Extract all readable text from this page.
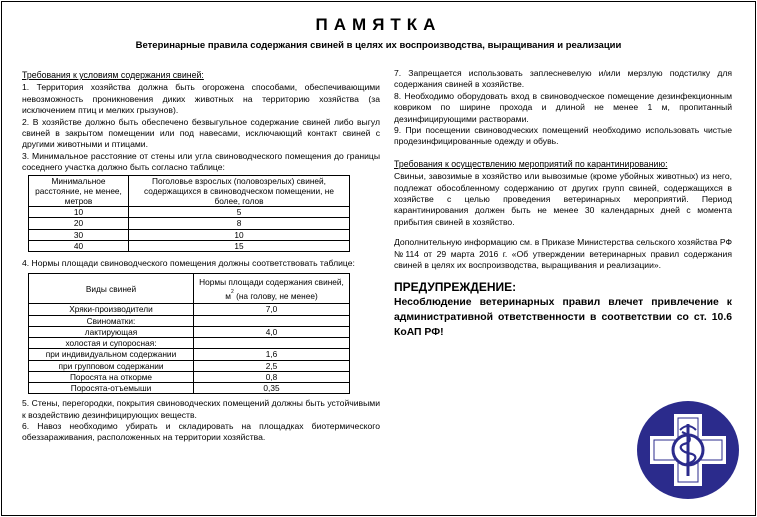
ПАМЯТКА
Ветеринарные правила содержания свиней в целях их воспроизводства, выращивания и реализации
Требования к условиям содержания свиней:

1. Территория хозяйства должна быть огорожена способами, обеспечивающими невозможность проникновения диких животных на территорию хозяйства (за исключением птиц и мелких грызунов).

2. В хозяйстве должно быть обеспечено безвыгульное содержание свиней либо выгул свиней в закрытом помещении или под навесами, исключающий контакт свиней с другими животными и птицами.

3. Минимальное расстояние от стены или угла свиноводческого помещения до границы соседнего участка должно быть согласно таблице:

Минимальное расстояние, не менее, метров	Поголовье взрослых (половозрелых) свиней, содержащихся в свиноводческом помещении, не более, голов
10	5
20	8
30	10
40	15

4. Нормы площади свиноводческого помещения должны соответствовать таблице:

Виды свиней	Нормы площади содержания свиней, $м^2$ (на голову, не менее)
Хряки-производители	7,0
Свиноматки:	
лактирующая	4,0
холостая и супоросная:	
при индивидуальном содержании	1,6
при групповом содержании	2,5
Поросята на откорме	0,8
Поросята-отъемыши	0,35

5. Стены, перегородки, покрытия свиноводческих помещений должны быть устойчивыми к воздействию дезинфицирующих веществ.

6. Навоз необходимо убирать и складировать на площадках биотермического обеззараживания, расположенных на территории хозяйства.

7. Запрещается использовать заплесневелую и/или мерзлую подстилку для содержания свиней в хозяйстве.

8. Необходимо оборудовать вход в свиноводческое помещение дезинфекционным ковриком по ширине прохода и длиной не менее 1 м, пропитанный дезинфицирующими растворами.

9. При посещении свиноводческих помещений необходимо использовать чистые продезинфицированные одежду и обувь.

Требования к осуществлению мероприятий по карантинированию:

Свиньи, завозимые в хозяйство или вывозимые (кроме убойных животных) из него, подлежат обособленному содержанию от других групп свиней, содержащихся в хозяйстве с целью проведения ветеринарных мероприятий. Период карантинирования должен быть не менее 30 календарных дней с момента прибытия свиней в хозяйство.

Дополнительную информацию см. в Приказе Министерства сельского хозяйства РФ №114 от 29 марта 2016 г. «Об утверждении ветеринарных правил содержания свиней в целях их воспроизводства, выращивания и реализации».

ПРЕДУПРЕЖДЕНИЕ:

Несоблюдение ветеринарных правил влечет привлечение к административной ответственности в соответствии со ст. 10.6 КоАП РФ!
